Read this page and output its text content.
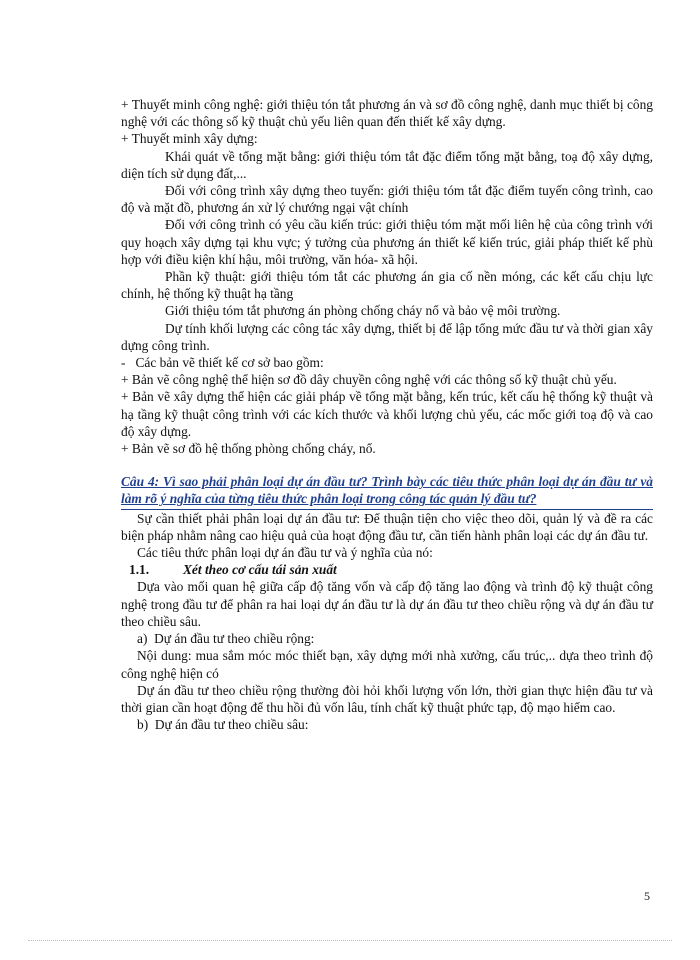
+ Thuyết minh công nghệ: giới thiệu tón tắt phương án và sơ đồ công nghệ, danh mục thiết bị công nghệ với các thông số kỹ thuật chủ yếu liên quan đến thiết kế xây dựng.

+ Thuyết minh xây dựng:

Khái quát về tổng mặt bằng: giới thiệu tóm tắt đặc điểm tổng mặt bằng, toạ độ xây dựng, diện tích sử dụng đất,...

Đối với công trình xây dựng theo tuyến: giới thiệu tóm tắt đặc điểm tuyến công trình, cao độ và mặt đồ, phương án xử lý chướng ngại vật chính

Đối với công trình có yêu cầu kiến trúc: giới thiệu tóm mặt mối liên hệ của công trình với quy hoạch xây dựng tại khu vực; ý tưởng của phương án thiết kế kiến trúc, giải pháp thiết kế phù hợp với điều kiện khí hậu, môi trường, văn hóa- xã hội.

Phần kỹ thuật: giới thiệu tóm tắt các phương án gia cố nền móng, các kết cấu chịu lực chính, hệ thống kỹ thuật hạ tầng

Giới thiệu tóm tắt phương án phòng chống cháy nổ và bảo vệ môi trường.

Dự tính khối lượng các công tác xây dựng, thiết bị để lập tổng mức đầu tư và thời gian xây dựng công trình.

-   Các bản vẽ thiết kế cơ sở bao gồm:

+ Bản vẽ công nghệ thể hiện sơ đồ dây chuyền công nghệ với các thông số kỹ thuật chủ yếu.

+ Bản vẽ xây dựng thể hiện các giải pháp về tổng mặt bằng, kến trúc, kết cấu hệ thống kỹ thuật và hạ tầng kỹ thuật công trình với các kích thước và khối lượng chủ yếu, các mốc giới toạ độ và cao độ xây dựng.

+ Bản vẽ sơ đồ hệ thống phòng chống cháy, nổ.

Câu 4: Vì sao phải phân loại dự án đầu tư? Trình bày các tiêu thức phân loại dự án đầu tư và làm rõ ý nghĩa của từng tiêu thức phân loại trong công tác quản lý đầu tư?

Sự cần thiết phải phân loại dự án đầu tư: Để thuận tiện cho việc theo dõi, quản lý và đề ra các biện pháp nhằm nâng cao hiệu quả của hoạt động đầu tư, cần tiến hành phân loại các dự án đầu tư.

Các tiêu thức phân loại dự án đầu tư và ý nghĩa của nó:

1.1.	Xét theo cơ cấu tái sản xuất

Dựa vào mối quan hệ giữa cấp độ tăng vốn và cấp độ tăng lao động và trình độ kỹ thuật công nghệ trong đầu tư để phân ra hai loại dự án đầu tư là dự án đầu tư theo chiều rộng và dự án đầu tư theo chiều sâu.

a)  Dự án đầu tư theo chiều rộng:

Nội dung: mua sắm móc móc thiết bạn, xây dựng mới nhà xưởng, cấu trúc,.. dựa theo trình độ công nghệ hiện có

Dự án đầu tư theo chiều rộng thường đòi hỏi khối lượng vốn lớn, thời gian thực hiện đầu tư và thời gian cần hoạt động để thu hồi đủ vốn lâu, tính chất kỹ thuật phức tạp, độ mạo hiểm cao.

b)  Dự án đầu tư theo chiều sâu:

5
